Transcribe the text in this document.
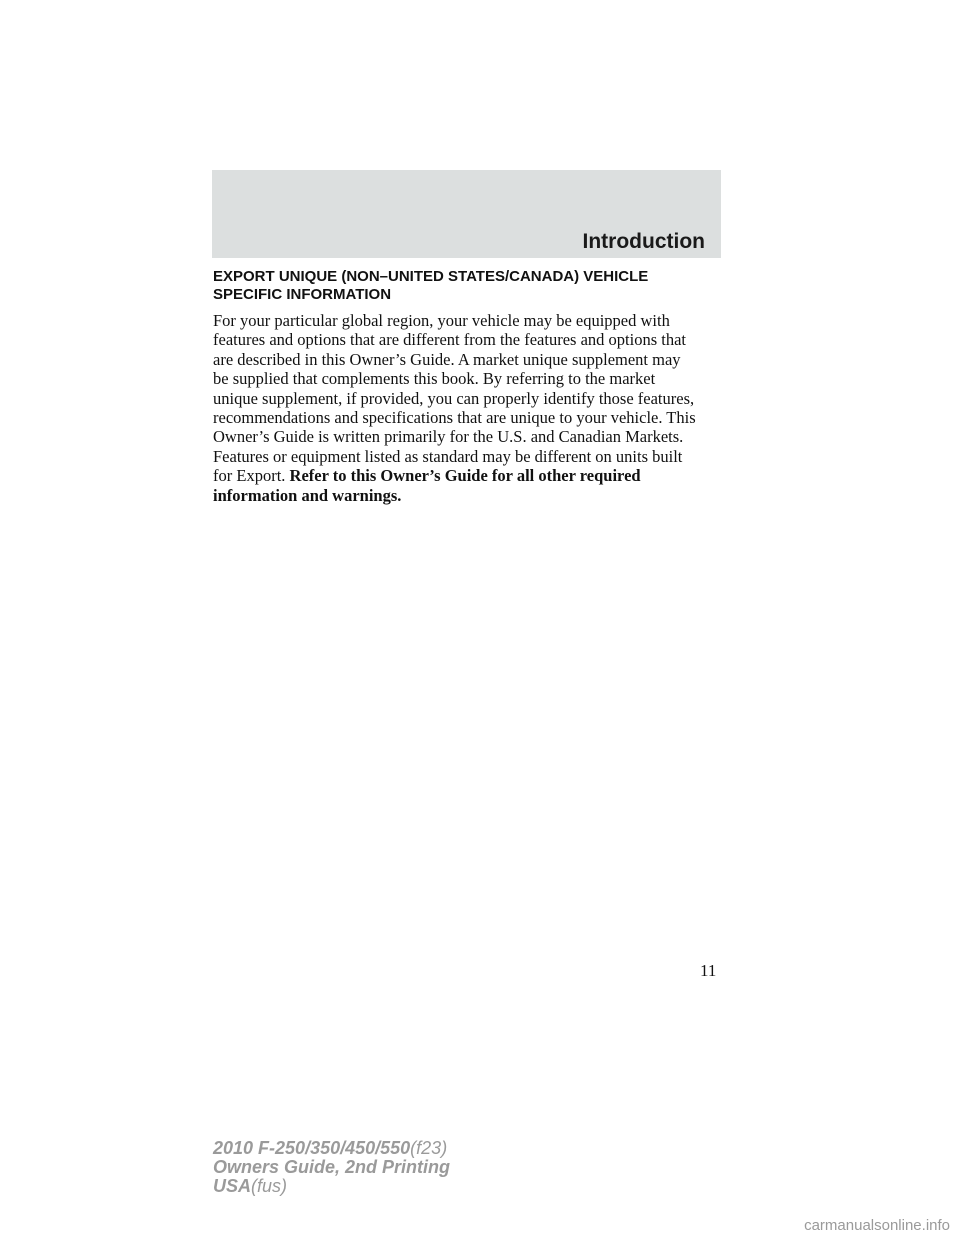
Introduction
EXPORT UNIQUE (NON–UNITED STATES/CANADA) VEHICLE
SPECIFIC INFORMATION

For your particular global region, your vehicle may be equipped with
features and options that are different from the features and options that
are described in this Owner’s Guide. A market unique supplement may
be supplied that complements this book. By referring to the market
unique supplement, if provided, you can properly identify those features,
recommendations and specifications that are unique to your vehicle. This
Owner’s Guide is written primarily for the U.S. and Canadian Markets.
Features or equipment listed as standard may be different on units built
for Export. Refer to this Owner’s Guide for all other required
information and warnings.

11

2010 F-250/350/450/550(f23)
Owners Guide, 2nd Printing
USA(fus)

carmanualsonline.info
